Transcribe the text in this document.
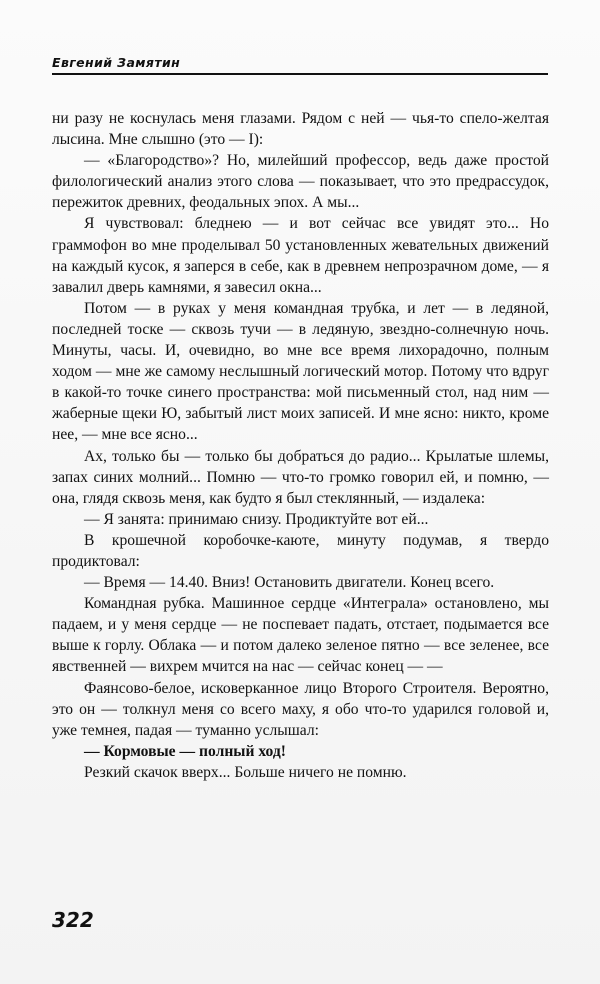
Евгений Замятин

ни разу не коснулась меня глазами. Рядом с ней — чья-то спело-желтая лысина. Мне слышно (это — I):

— «Благородство»? Но, милейший профессор, ведь даже простой филологический анализ этого слова — показывает, что это предрассудок, пережиток древних, феодальных эпох. А мы...

Я чувствовал: бледнею — и вот сейчас все увидят это... Но граммофон во мне проделывал 50 установленных жевательных движений на каждый кусок, я заперся в себе, как в древнем непрозрачном доме, — я завалил дверь камнями, я завесил окна...

Потом — в руках у меня командная трубка, и лет — в ледяной, последней тоске — сквозь тучи — в ледяную, звездно-солнечную ночь. Минуты, часы. И, очевидно, во мне все время лихорадочно, полным ходом — мне же самому неслышный логический мотор. Потому что вдруг в какой-то точке синего пространства: мой письменный стол, над ним — жаберные щеки Ю, забытый лист моих записей. И мне ясно: никто, кроме нее, — мне все ясно...

Ах, только бы — только бы добраться до радио... Крылатые шлемы, запах синих молний... Помню — что-то громко говорил ей, и помню, — она, глядя сквозь меня, как будто я был стеклянный, — издалека:

— Я занята: принимаю снизу. Продиктуйте вот ей...

В крошечной коробочке-каюте, минуту подумав, я твердо продиктовал:

— Время — 14.40. Вниз! Остановить двигатели. Конец всего.

Командная рубка. Машинное сердце «Интеграла» остановлено, мы падаем, и у меня сердце — не поспевает падать, отстает, подымается все выше к горлу. Облака — и потом далеко зеленое пятно — все зеленее, все явственней — вихрем мчится на нас — сейчас конец — —

Фаянсово-белое, исковерканное лицо Второго Строителя. Вероятно, это он — толкнул меня со всего маху, я обо что-то ударился головой и, уже темнея, падая — туманно услышал:

— Кормовые — полный ход!

Резкий скачок вверх... Больше ничего не помню.

322
